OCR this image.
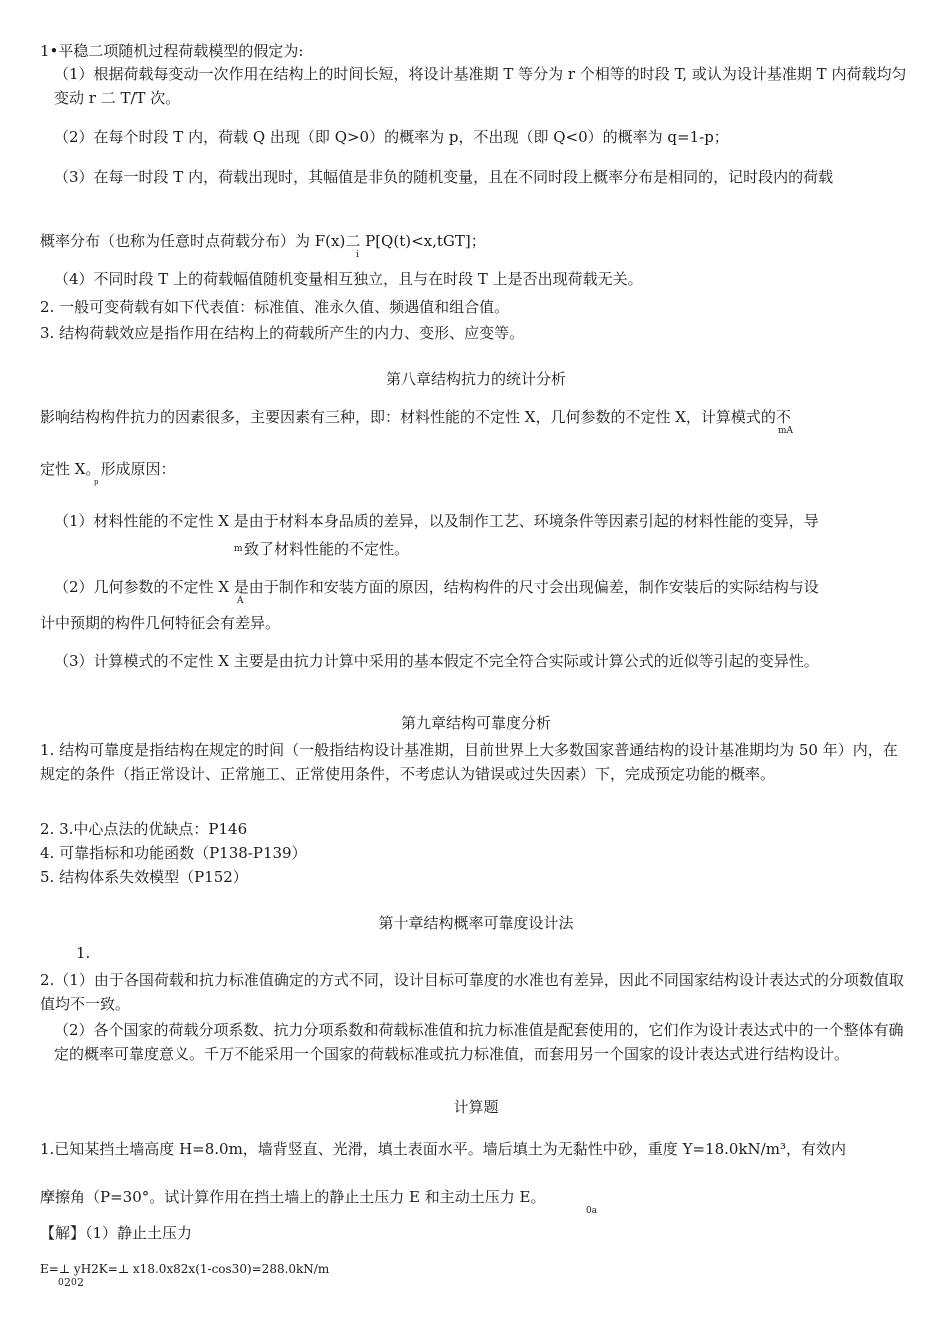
1•平稳二项随机过程荷载模型的假定为:
（1）根据荷载每变动一次作用在结构上的时间长短，将设计基准期 T 等分为 r 个相等的时段 T, 或认为设计基准期 T 内荷载均匀变动 r 二 T/T 次。
（2）在每个时段 T 内，荷载 Q 出现（即 Q>0）的概率为 p，不出现（即 Q<0）的概率为 q=1-p；
（3）在每一时段 T 内，荷载出现时，其幅值是非负的随机变量，且在不同时段上概率分布是相同的，记时段内的荷载
概率分布（也称为任意时点荷载分布）为 F(x)二 P[Q(t)<x,tGT]；
i
（4）不同时段 T 上的荷载幅值随机变量相互独立，且与在时段 T 上是否出现荷载无关。
2. 一般可变荷载有如下代表值：标准值、准永久值、频遇值和组合值。
3. 结构荷载效应是指作用在结构上的荷载所产生的内力、变形、应变等。
第八章结构抗力的统计分析
影响结构构件抗力的因素很多，主要因素有三种，即：材料性能的不定性 X，几何参数的不定性 X，计算模式的不
mA
定性 X。形成原因：
p
（1）材料性能的不定性 X 是由于材料本身品质的差异，以及制作工艺、环境条件等因素引起的材料性能的变异，导
m 致了材料性能的不定性。
（2）几何参数的不定性 X 是由于制作和安装方面的原因，结构构件的尺寸会出现偏差，制作安装后的实际结构与设
A
计中预期的构件几何特征会有差异。
（3）计算模式的不定性 X 主要是由抗力计算中采用的基本假定不完全符合实际或计算公式的近似等引起的变异性。
第九章结构可靠度分析
1. 结构可靠度是指结构在规定的时间（一般指结构设计基准期，目前世界上大多数国家普通结构的设计基准期均为 50 年）内，在规定的条件（指正常设计、正常施工、正常使用条件，不考虑认为错误或过失因素）下，完成预定功能的概率。
2. 3.中心点法的优缺点：P146
4. 可靠指标和功能函数（P138-P139）
5. 结构体系失效模型（P152）
第十章结构概率可靠度设计法
1.
2.（1）由于各国荷载和抗力标准值确定的方式不同，设计目标可靠度的水准也有差异，因此不同国家结构设计表达式的分项数值取值均不一致。
（2）各个国家的荷载分项系数、抗力分项系数和荷载标准值和抗力标准值是配套使用的，它们作为设计表达式中的一个整体有确定的概率可靠度意义。千万不能采用一个国家的荷载标准或抗力标准值，而套用另一个国家的设计表达式进行结构设计。
计算题
1.已知某挡土墙高度 H=8.0m，墙背竖直、光滑，填土表面水平。墙后填土为无黏性中砂，重度 Y=18.0kN/m³，有效内
摩擦角（P=30°。试计算作用在挡土墙上的静止土压力 E 和主动土压力 E。
0a
【解】（1）静止土压力
E=⊥ yH2K=⊥ x18.0x82x(1-cos30)=288.0kN/m
0 2 0 2
